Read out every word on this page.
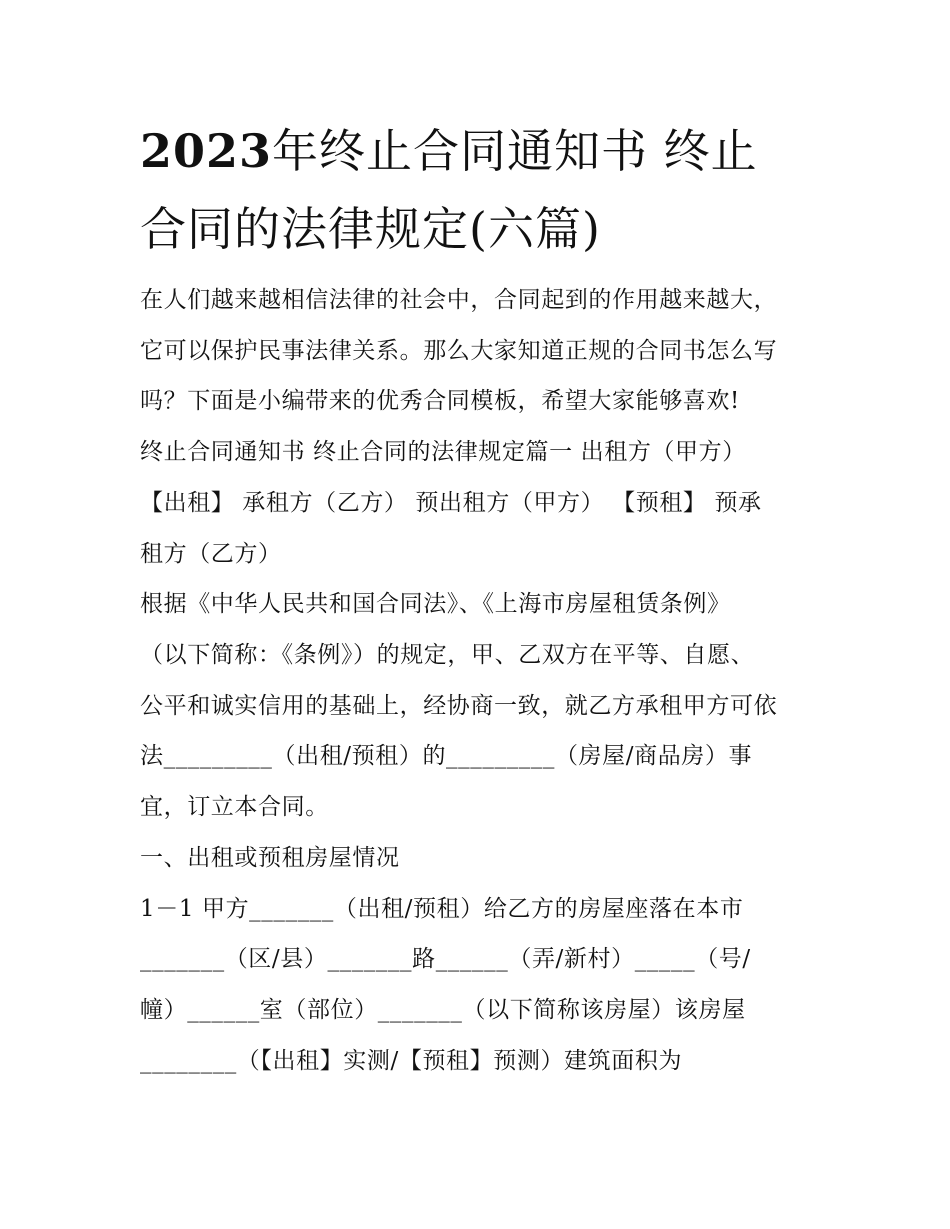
2023年终止合同通知书 终止
合同的法律规定(六篇)

在人们越来越相信法律的社会中，合同起到的作用越来越大，

它可以保护民事法律关系。那么大家知道正规的合同书怎么写

吗？下面是小编带来的优秀合同模板，希望大家能够喜欢!

终止合同通知书 终止合同的法律规定篇一 出租方（甲方）

【出租】 承租方（乙方） 预出租方（甲方） 【预租】 预承

租方（乙方）

根据《中华人民共和国合同法》、《上海市房屋租赁条例》

（以下简称：《条例》）的规定，甲、乙双方在平等、自愿、

公平和诚实信用的基础上，经协商一致，就乙方承租甲方可依

法_________（出租/预租）的_________（房屋/商品房）事

宜，订立本合同。

一、出租或预租房屋情况

1－1 甲方_______（出租/预租）给乙方的房屋座落在本市

_______（区/县）_______路______（弄/新村）_____（号/

幢）______室（部位）_______（以下简称该房屋）该房屋

________（【出租】实测/【预租】预测）建筑面积为
